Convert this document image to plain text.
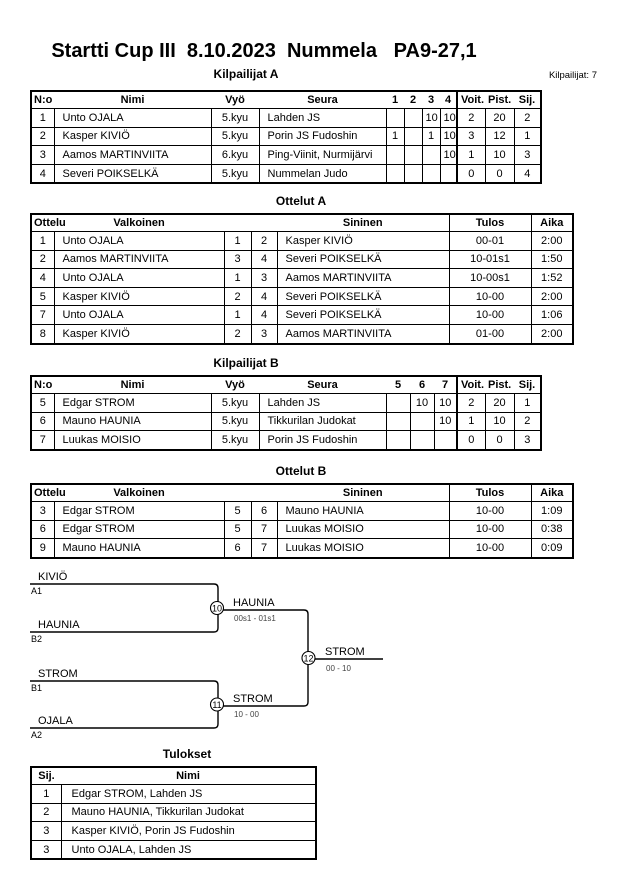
Startti Cup III  8.10.2023  Nummela   PA9-27,1
Kilpailijat: 7
Kilpailijat A
N:o	Nimi	Vyö	Seura	1	2	3	4	Voit.	Pist.	Sij.
1	Unto OJALA	5.kyu	Lahden JS			10	10	2	20	2
2	Kasper KIVIÖ	5.kyu	Porin JS Fudoshin	1		1	10	3	12	1
3	Aamos MARTINVIITA	6.kyu	Ping-Viinit, Nurmijärvi				10	1	10	3
4	Severi POIKSELKÄ	5.kyu	Nummelan Judo					0	0	4
Ottelut A
Ottelu	Valkoinen			Sininen	Tulos	Aika
1	Unto OJALA	1	2	Kasper KIVIÖ	00-01	2:00
2	Aamos MARTINVIITA	3	4	Severi POIKSELKÄ	10-01s1	1:50
4	Unto OJALA	1	3	Aamos MARTINVIITA	10-00s1	1:52
5	Kasper KIVIÖ	2	4	Severi POIKSELKÄ	10-00	2:00
7	Unto OJALA	1	4	Severi POIKSELKÄ	10-00	1:06
8	Kasper KIVIÖ	2	3	Aamos MARTINVIITA	01-00	2:00
Kilpailijat B
N:o	Nimi	Vyö	Seura	5	6	7	Voit.	Pist.	Sij.
5	Edgar STROM	5.kyu	Lahden JS		10	10	2	20	1
6	Mauno HAUNIA	5.kyu	Tikkurilan Judokat			10	1	10	2
7	Luukas MOISIO	5.kyu	Porin JS Fudoshin				0	0	3
Ottelut B
Ottelu	Valkoinen			Sininen	Tulos	Aika
3	Edgar STROM	5	6	Mauno HAUNIA	10-00	1:09
6	Edgar STROM	5	7	Luukas MOISIO	10-00	0:38
9	Mauno HAUNIA	6	7	Luukas MOISIO	10-00	0:09
KIVIÖ
A1
HAUNIA
B2
STROM
B1
OJALA
A2
10 HAUNIA
00s1 - 01s1
11 STROM
10 - 00
12
STROM
00 - 10
Tulokset
Sij.	Nimi
1	Edgar STROM, Lahden JS
2	Mauno HAUNIA, Tikkurilan Judokat
3	Kasper KIVIÖ, Porin JS Fudoshin
3	Unto OJALA, Lahden JS
